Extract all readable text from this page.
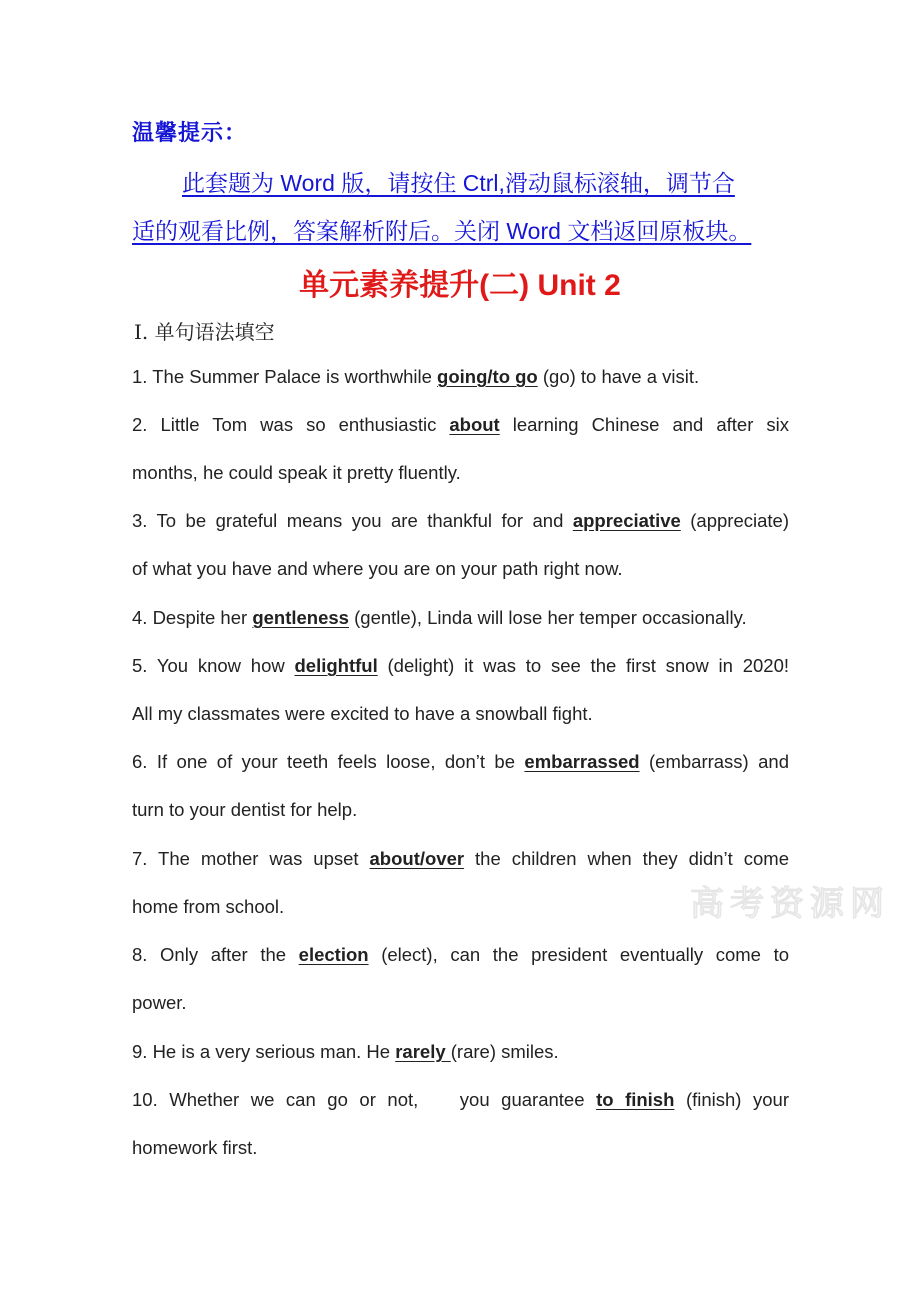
温馨提示：
此套题为 Word 版，请按住 Ctrl,滑动鼠标滚轴，调节合
适的观看比例，答案解析附后。关闭 Word 文档返回原板块。
单元素养提升(二) Unit 2
Ⅰ. 单句语法填空
1. The Summer Palace is worthwhile going/to go (go) to have a visit.
2. Little Tom was so enthusiastic about learning Chinese and after six
months, he could speak it pretty fluently.
3. To be grateful means you are thankful for and appreciative (appreciate)
of what you have and where you are on your path right now.
4. Despite her gentleness (gentle), Linda will lose her temper occasionally.
5. You know how delightful (delight) it was to see the first snow in 2020!
All my classmates were excited to have a snowball fight.
6. If one of your teeth feels loose, don’t be embarrassed (embarrass) and
turn to your dentist for help.
7. The mother was upset about/over the children when they didn’t come
home from school.
8. Only after the election (elect), can the president eventually come to
power.
9. He is a very serious man. He rarely (rare) smiles.
10. Whether we can go or not, you guarantee to finish (finish) your
homework first.
高考资源网
